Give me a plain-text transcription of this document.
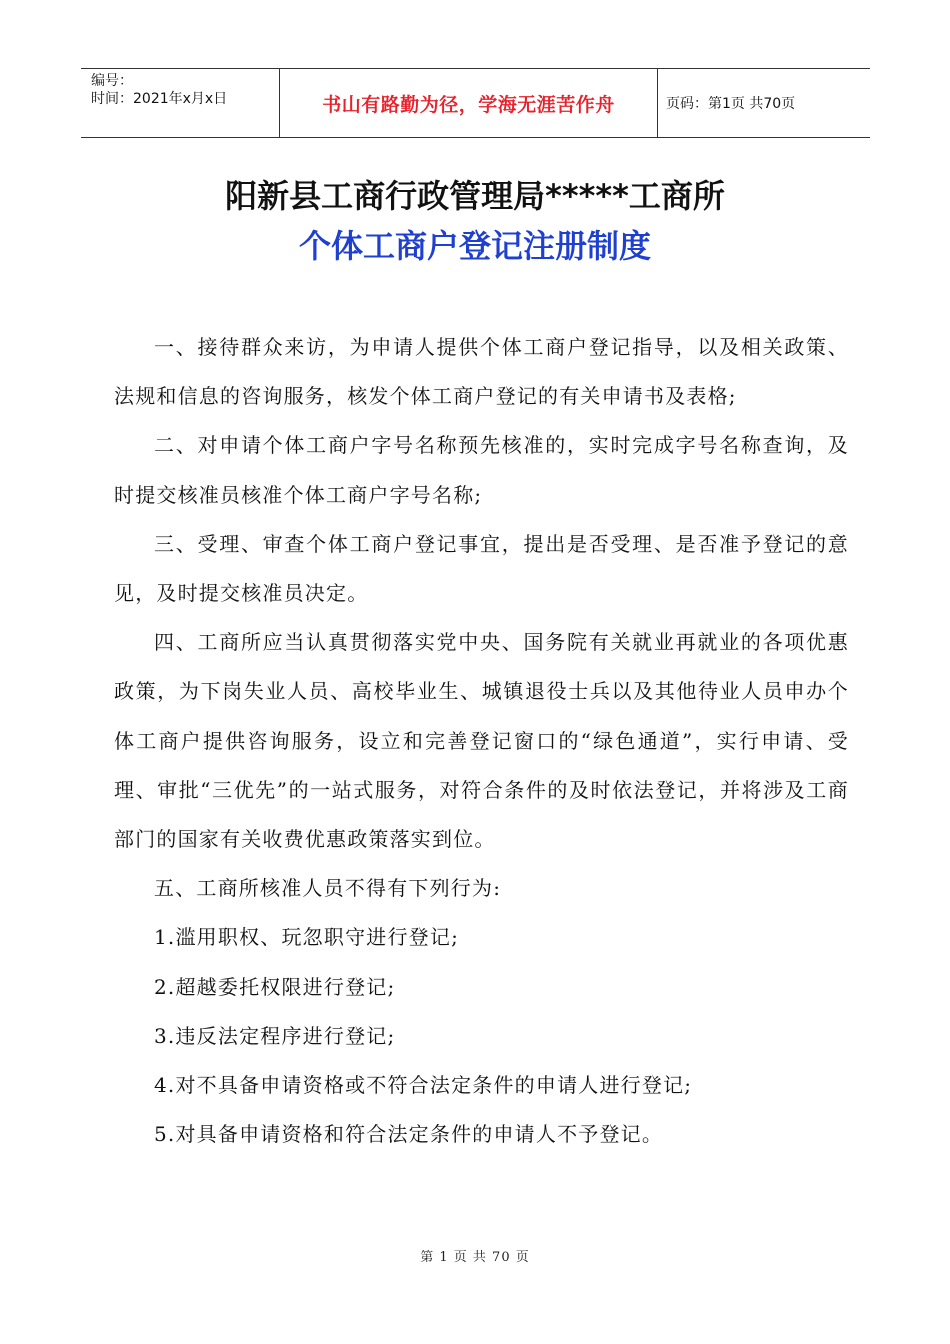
编号：
时间：2021年x月x日	书山有路勤为径，学海无涯苦作舟	页码：第1页 共70页
阳新县工商行政管理局*****工商所
个体工商户登记注册制度

一、接待群众来访，为申请人提供个体工商户登记指导，以及相关政策、法规和信息的咨询服务，核发个体工商户登记的有关申请书及表格;

二、对申请个体工商户字号名称预先核准的，实时完成字号名称查询，及时提交核准员核准个体工商户字号名称;

三、受理、审查个体工商户登记事宜，提出是否受理、是否准予登记的意见，及时提交核准员决定。

四、工商所应当认真贯彻落实党中央、国务院有关就业再就业的各项优惠政策，为下岗失业人员、高校毕业生、城镇退役士兵以及其他待业人员申办个体工商户提供咨询服务，设立和完善登记窗口的“绿色通道”，实行申请、受理、审批“三优先”的一站式服务，对符合条件的及时依法登记，并将涉及工商部门的国家有关收费优惠政策落实到位。

五、工商所核准人员不得有下列行为:

1.滥用职权、玩忽职守进行登记;

2.超越委托权限进行登记;

3.违反法定程序进行登记;

4.对不具备申请资格或不符合法定条件的申请人进行登记;

5.对具备申请资格和符合法定条件的申请人不予登记。

第 1 页 共 70 页
